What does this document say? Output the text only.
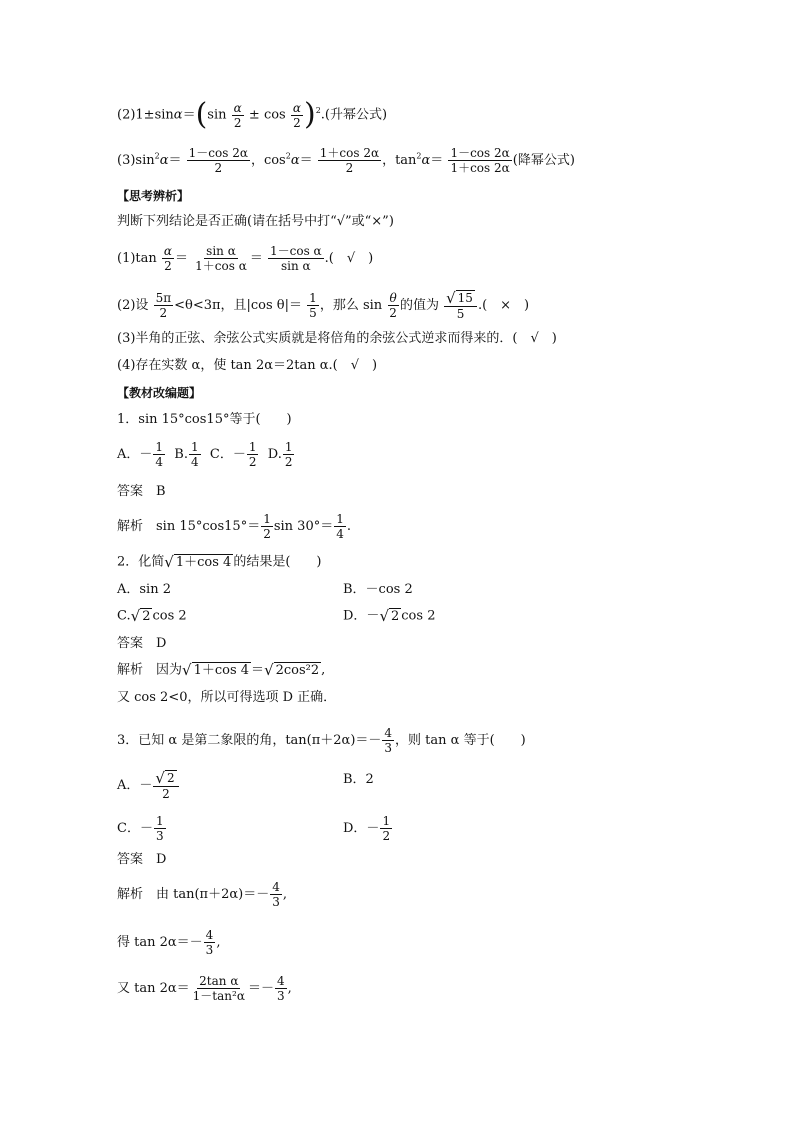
$(2)1\pm\sin\alpha=(\sin \frac{\alpha}{2} \pm \cos \frac{\alpha}{2} )^2$.(升幂公式)
$(3)\sin^2\alpha= \frac{1-\cos 2\alpha}{2}$ ，$\cos^2\alpha= \frac{1+\cos 2\alpha}{2}$ ，$\tan^2\alpha= \frac{1-\cos 2\alpha}{1+\cos 2\alpha}$ (降幂公式)
【思考辨析】
判断下列结论是否正确(请在括号中打“√”或“×”)
$(1)\tan \frac{\alpha}{2} = \frac{\text{sin α}}{\text{1＋cos α}} = \frac{\text{1－cos α}}{\text{sin α}}$ .(　√　)
(2)设 $\frac{5\pi}{2} <\theta<3\pi$，且|cos $\theta|= \frac{1}{5}$ ，那么 $\sin \frac{\theta}{2}$ 的值为 $\frac{√ 15}{5}$ .(　×　)
(3)半角的正弦、余弦公式实质就是将倍角的余弦公式逆求而得来的．(　√　)
(4)存在实数 α，使 tan 2α＝2tan α.(　√　)
【教材改编题】
1．sin 15°cos15°等于(　　)
A．－ $\frac{1}{4} B$. $\frac{1}{4}$ C．－ $\frac{1}{2} D$. $\frac{1}{2}$
答案　B
解析　$\sin 15^\circ\cos 15^\circ= \frac{1}{2}$ $\sin 30^\circ= \frac{1}{4}$ .
2．化简 √ 1＋cos 4 的结果是(　　)
A．sin 2	B．－cos 2
C. √ 2 cos 2	D．－ √ 2 cos 2
答案　D
解析　因为 √ 1＋cos 4 ＝ √ 2cos²2 ,
又 cos 2<0，所以可得选项 D 正确．
3．已知 α 是第二象限的角，$\tan(\pi+2\alpha)=- \frac{4}{3}$ ，则 tan α 等于(　　)
A．－ $\frac{√ 2}{2}$	B．2
C．－ $\frac{1}{3}$	D．－ $\frac{1}{2}$
答案　D
解析　由 $\tan(\pi+2\alpha)=- \frac{4}{3}$ ,
得 $\tan 2\alpha=- \frac{4}{3}$ ,
又 $\tan 2\alpha= \frac{\text{2tan α}}{\text{1－tan²α}} =- \frac{4}{3}$ ,
